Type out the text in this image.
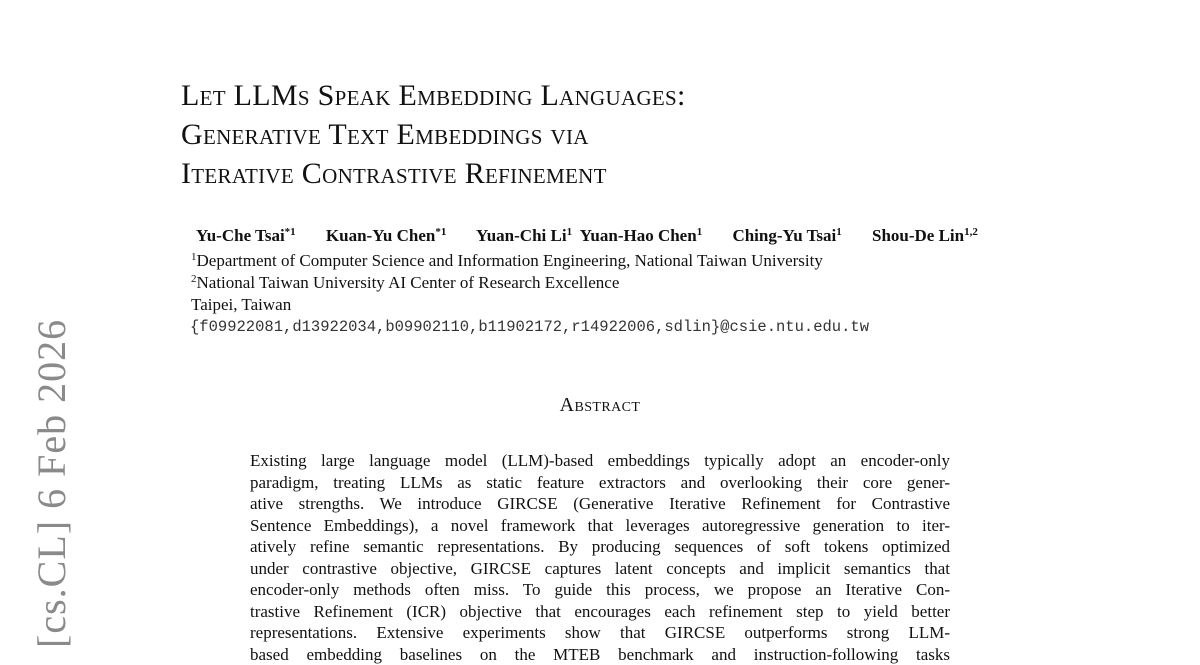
Let LLMs Speak Embedding Languages:
Generative Text Embeddings via
Iterative Contrastive Refinement
Yu-Che Tsai$^{*1}$ Kuan-Yu Chen$^{*1}$ Yuan-Chi Li$^1$ Yuan-Hao Chen$^1$ Ching-Yu Tsai$^1$ Shou-De Lin$^{1,2}$
$^1$Department of Computer Science and Information Engineering, National Taiwan University
$^2$National Taiwan University AI Center of Research Excellence
Taipei, Taiwan
{f09922081,d13922034,b09902110,b11902172,r14922006,sdlin}@csie.ntu.edu.tw
Abstract
Existing large language model (LLM)-based embeddings typically adopt an encoder-only
paradigm, treating LLMs as static feature extractors and overlooking their core gener-
ative strengths. We introduce GIRCSE (Generative Iterative Refinement for Contrastive
Sentence Embeddings), a novel framework that leverages autoregressive generation to iter-
atively refine semantic representations. By producing sequences of soft tokens optimized
under contrastive objective, GIRCSE captures latent concepts and implicit semantics that
encoder-only methods often miss. To guide this process, we propose an Iterative Con-
trastive Refinement (ICR) objective that encourages each refinement step to yield better
representations. Extensive experiments show that GIRCSE outperforms strong LLM-
based embedding baselines on the MTEB benchmark and instruction-following tasks
[cs.CL] 6 Feb 2026
